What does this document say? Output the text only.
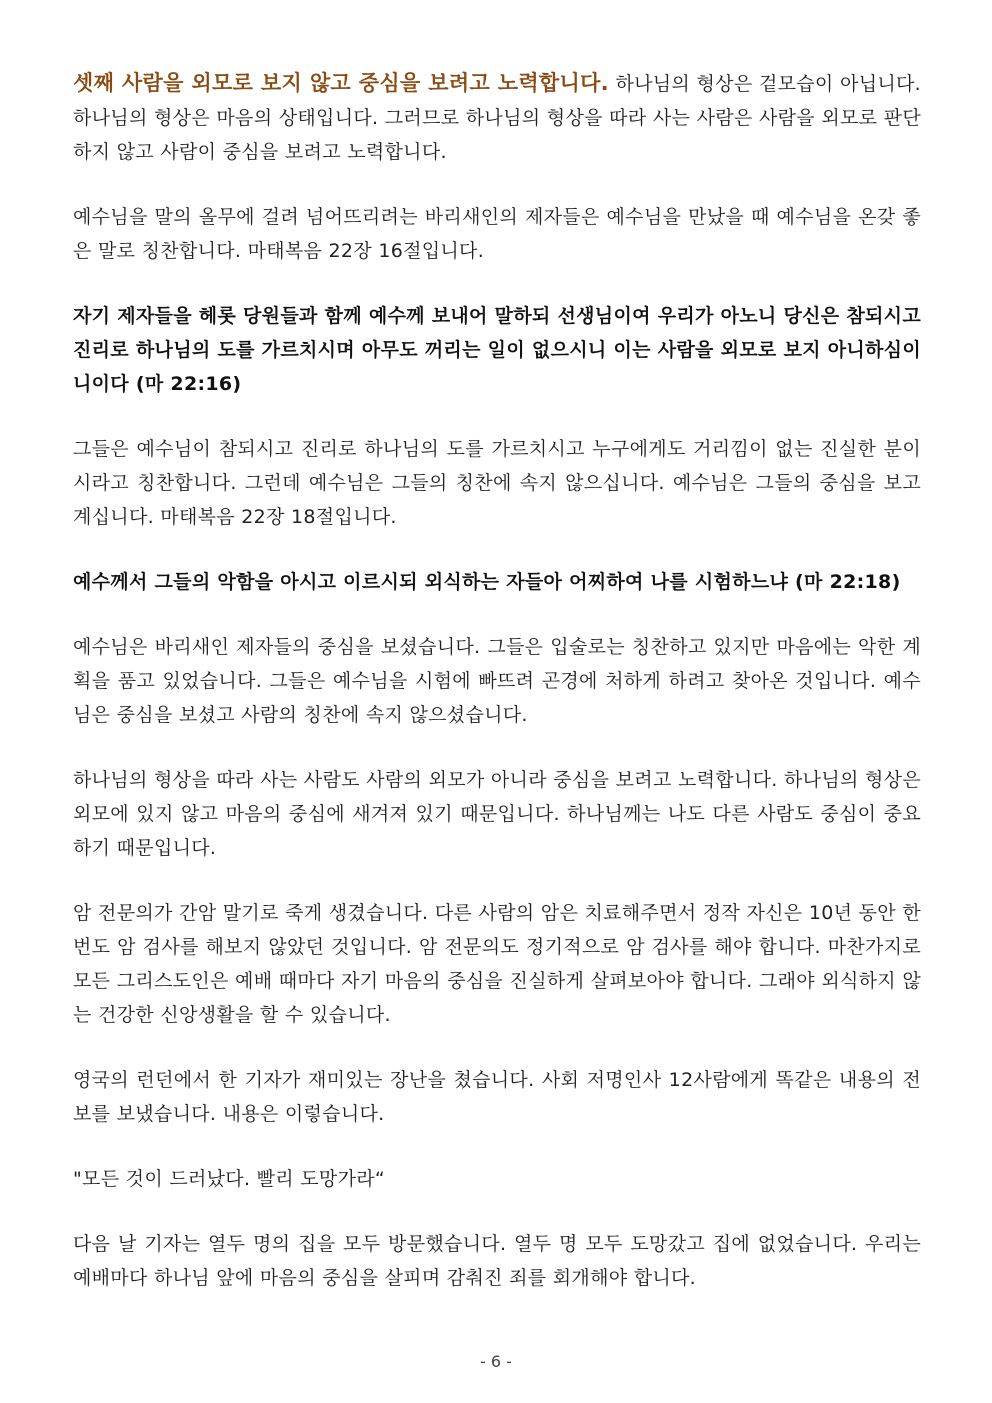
셋째 사람을 외모로 보지 않고 중심을 보려고 노력합니다. 하나님의 형상은 겉모습이 아닙니다. 하나님의 형상은 마음의 상태입니다. 그러므로 하나님의 형상을 따라 사는 사람은 사람을 외모로 판단하지 않고 사람이 중심을 보려고 노력합니다.

예수님을 말의 올무에 걸려 넘어뜨리려는 바리새인의 제자들은 예수님을 만났을 때 예수님을 온갖 좋은 말로 칭찬합니다. 마태복음 22장 16절입니다.

자기 제자들을 헤롯 당원들과 함께 예수께 보내어 말하되 선생님이여 우리가 아노니 당신은 참되시고 진리로 하나님의 도를 가르치시며 아무도 꺼리는 일이 없으시니 이는 사람을 외모로 보지 아니하심이니이다 (마 22:16)

그들은 예수님이 참되시고 진리로 하나님의 도를 가르치시고 누구에게도 거리낌이 없는 진실한 분이시라고 칭찬합니다. 그런데 예수님은 그들의 칭찬에 속지 않으십니다. 예수님은 그들의 중심을 보고 계십니다. 마태복음 22장 18절입니다.

예수께서 그들의 악함을 아시고 이르시되 외식하는 자들아 어찌하여 나를 시험하느냐 (마 22:18)

예수님은 바리새인 제자들의 중심을 보셨습니다. 그들은 입술로는 칭찬하고 있지만 마음에는 악한 계획을 품고 있었습니다. 그들은 예수님을 시험에 빠뜨려 곤경에 처하게 하려고 찾아온 것입니다. 예수님은 중심을 보셨고 사람의 칭찬에 속지 않으셨습니다.

하나님의 형상을 따라 사는 사람도 사람의 외모가 아니라 중심을 보려고 노력합니다. 하나님의 형상은 외모에 있지 않고 마음의 중심에 새겨져 있기 때문입니다. 하나님께는 나도 다른 사람도 중심이 중요하기 때문입니다.

암 전문의가 간암 말기로 죽게 생겼습니다. 다른 사람의 암은 치료해주면서 정작 자신은 10년 동안 한 번도 암 검사를 해보지 않았던 것입니다. 암 전문의도 정기적으로 암 검사를 해야 합니다. 마찬가지로 모든 그리스도인은 예배 때마다 자기 마음의 중심을 진실하게 살펴보아야 합니다. 그래야 외식하지 않는 건강한 신앙생활을 할 수 있습니다.

영국의 런던에서 한 기자가 재미있는 장난을 쳤습니다. 사회 저명인사 12사람에게 똑같은 내용의 전보를 보냈습니다. 내용은 이렇습니다.

"모든 것이 드러났다. 빨리 도망가라“

다음 날 기자는 열두 명의 집을 모두 방문했습니다. 열두 명 모두 도망갔고 집에 없었습니다. 우리는 예배마다 하나님 앞에 마음의 중심을 살피며 감춰진 죄를 회개해야 합니다.

- 6 -
